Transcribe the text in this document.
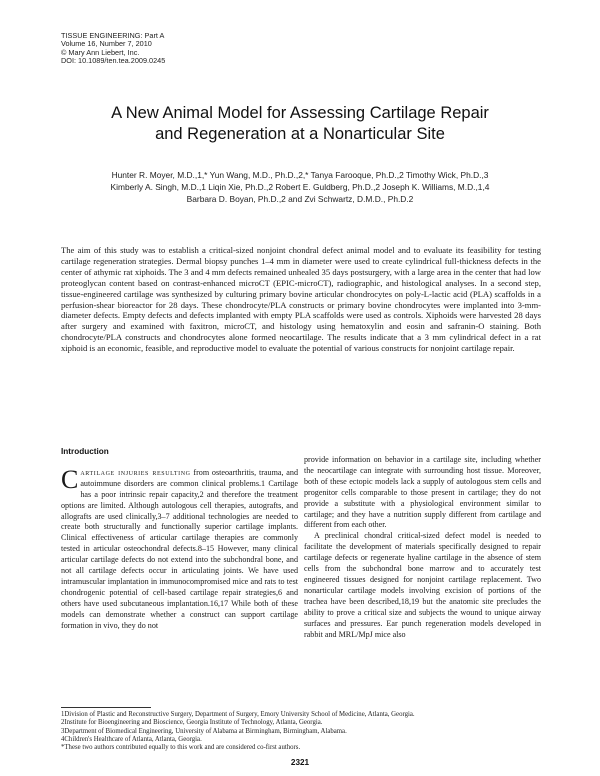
TISSUE ENGINEERING: Part A
Volume 16, Number 7, 2010
© Mary Ann Liebert, Inc.
DOI: 10.1089/ten.tea.2009.0245
A New Animal Model for Assessing Cartilage Repair
and Regeneration at a Nonarticular Site
Hunter R. Moyer, M.D.,1,* Yun Wang, M.D., Ph.D.,2,* Tanya Farooque, Ph.D.,2 Timothy Wick, Ph.D.,3
Kimberly A. Singh, M.D.,1 Liqin Xie, Ph.D.,2 Robert E. Guldberg, Ph.D.,2 Joseph K. Williams, M.D.,1,4
Barbara D. Boyan, Ph.D.,2 and Zvi Schwartz, D.M.D., Ph.D.2
The aim of this study was to establish a critical-sized nonjoint chondral defect animal model and to evaluate its feasibility for testing cartilage regeneration strategies. Dermal biopsy punches 1–4 mm in diameter were used to create cylindrical full-thickness defects in the center of athymic rat xiphoids. The 3 and 4 mm defects remained unhealed 35 days postsurgery, with a large area in the center that had low proteoglycan content based on contrast-enhanced microCT (EPIC-microCT), radiographic, and histological analyses. In a second step, tissue-engineered cartilage was synthesized by culturing primary bovine articular chondrocytes on poly-L-lactic acid (PLA) scaffolds in a perfusion-shear bioreactor for 28 days. These chondrocyte/PLA constructs or primary bovine chondrocytes were implanted into 3-mm-diameter defects. Empty defects and defects implanted with empty PLA scaffolds were used as controls. Xiphoids were harvested 28 days after surgery and examined with faxitron, microCT, and histology using hematoxylin and eosin and safranin-O staining. Both chondrocyte/PLA constructs and chondrocytes alone formed neocartilage. The results indicate that a 3 mm cylindrical defect in a rat xiphoid is an economic, feasible, and reproductive model to evaluate the potential of various constructs for nonjoint cartilage repair.
Introduction

Cartilage injuries resulting from osteoarthritis, trauma, and autoimmune disorders are common clinical problems.1 Cartilage has a poor intrinsic repair capacity,2 and therefore the treatment options are limited. Although autologous cell therapies, autografts, and allografts are used clinically,3–7 additional technologies are needed to create both structurally and functionally superior cartilage implants. Clinical effectiveness of articular cartilage therapies are commonly tested in articular osteochondral defects.8–15 However, many clinical articular cartilage defects do not extend into the subchondral bone, and not all cartilage defects occur in articulating joints. We have used intramuscular implantation in immunocompromised mice and rats to test chondrogenic potential of cell-based cartilage repair strategies,6 and others have used subcutaneous implantation.16,17 While both of these models can demonstrate whether a construct can support cartilage formation in vivo, they do not

provide information on behavior in a cartilage site, including whether the neocartilage can integrate with surrounding host tissue. Moreover, both of these ectopic models lack a supply of autologous stem cells and progenitor cells comparable to those present in cartilage; they do not provide a substitute with a physiological environment similar to cartilage; and they have a nutrition supply different from cartilage and different from each other.

A preclinical chondral critical-sized defect model is needed to facilitate the development of materials specifically designed to repair cartilage defects or regenerate hyaline cartilage in the absence of stem cells from the subchondral bone marrow and to accurately test engineered tissues designed for nonjoint cartilage replacement. Two nonarticular cartilage models involving excision of portions of the trachea have been described,18,19 but the anatomic site precludes the ability to prove a critical size and subjects the wound to unique airway surfaces and pressures. Ear punch regeneration models developed in rabbit and MRL/MpJ mice also

1Division of Plastic and Reconstructive Surgery, Department of Surgery, Emory University School of Medicine, Atlanta, Georgia.
2Institute for Bioengineering and Bioscience, Georgia Institute of Technology, Atlanta, Georgia.
3Department of Biomedical Engineering, University of Alabama at Birmingham, Birmingham, Alabama.
4Children's Healthcare of Atlanta, Atlanta, Georgia.
*These two authors contributed equally to this work and are considered co-first authors.
2321
